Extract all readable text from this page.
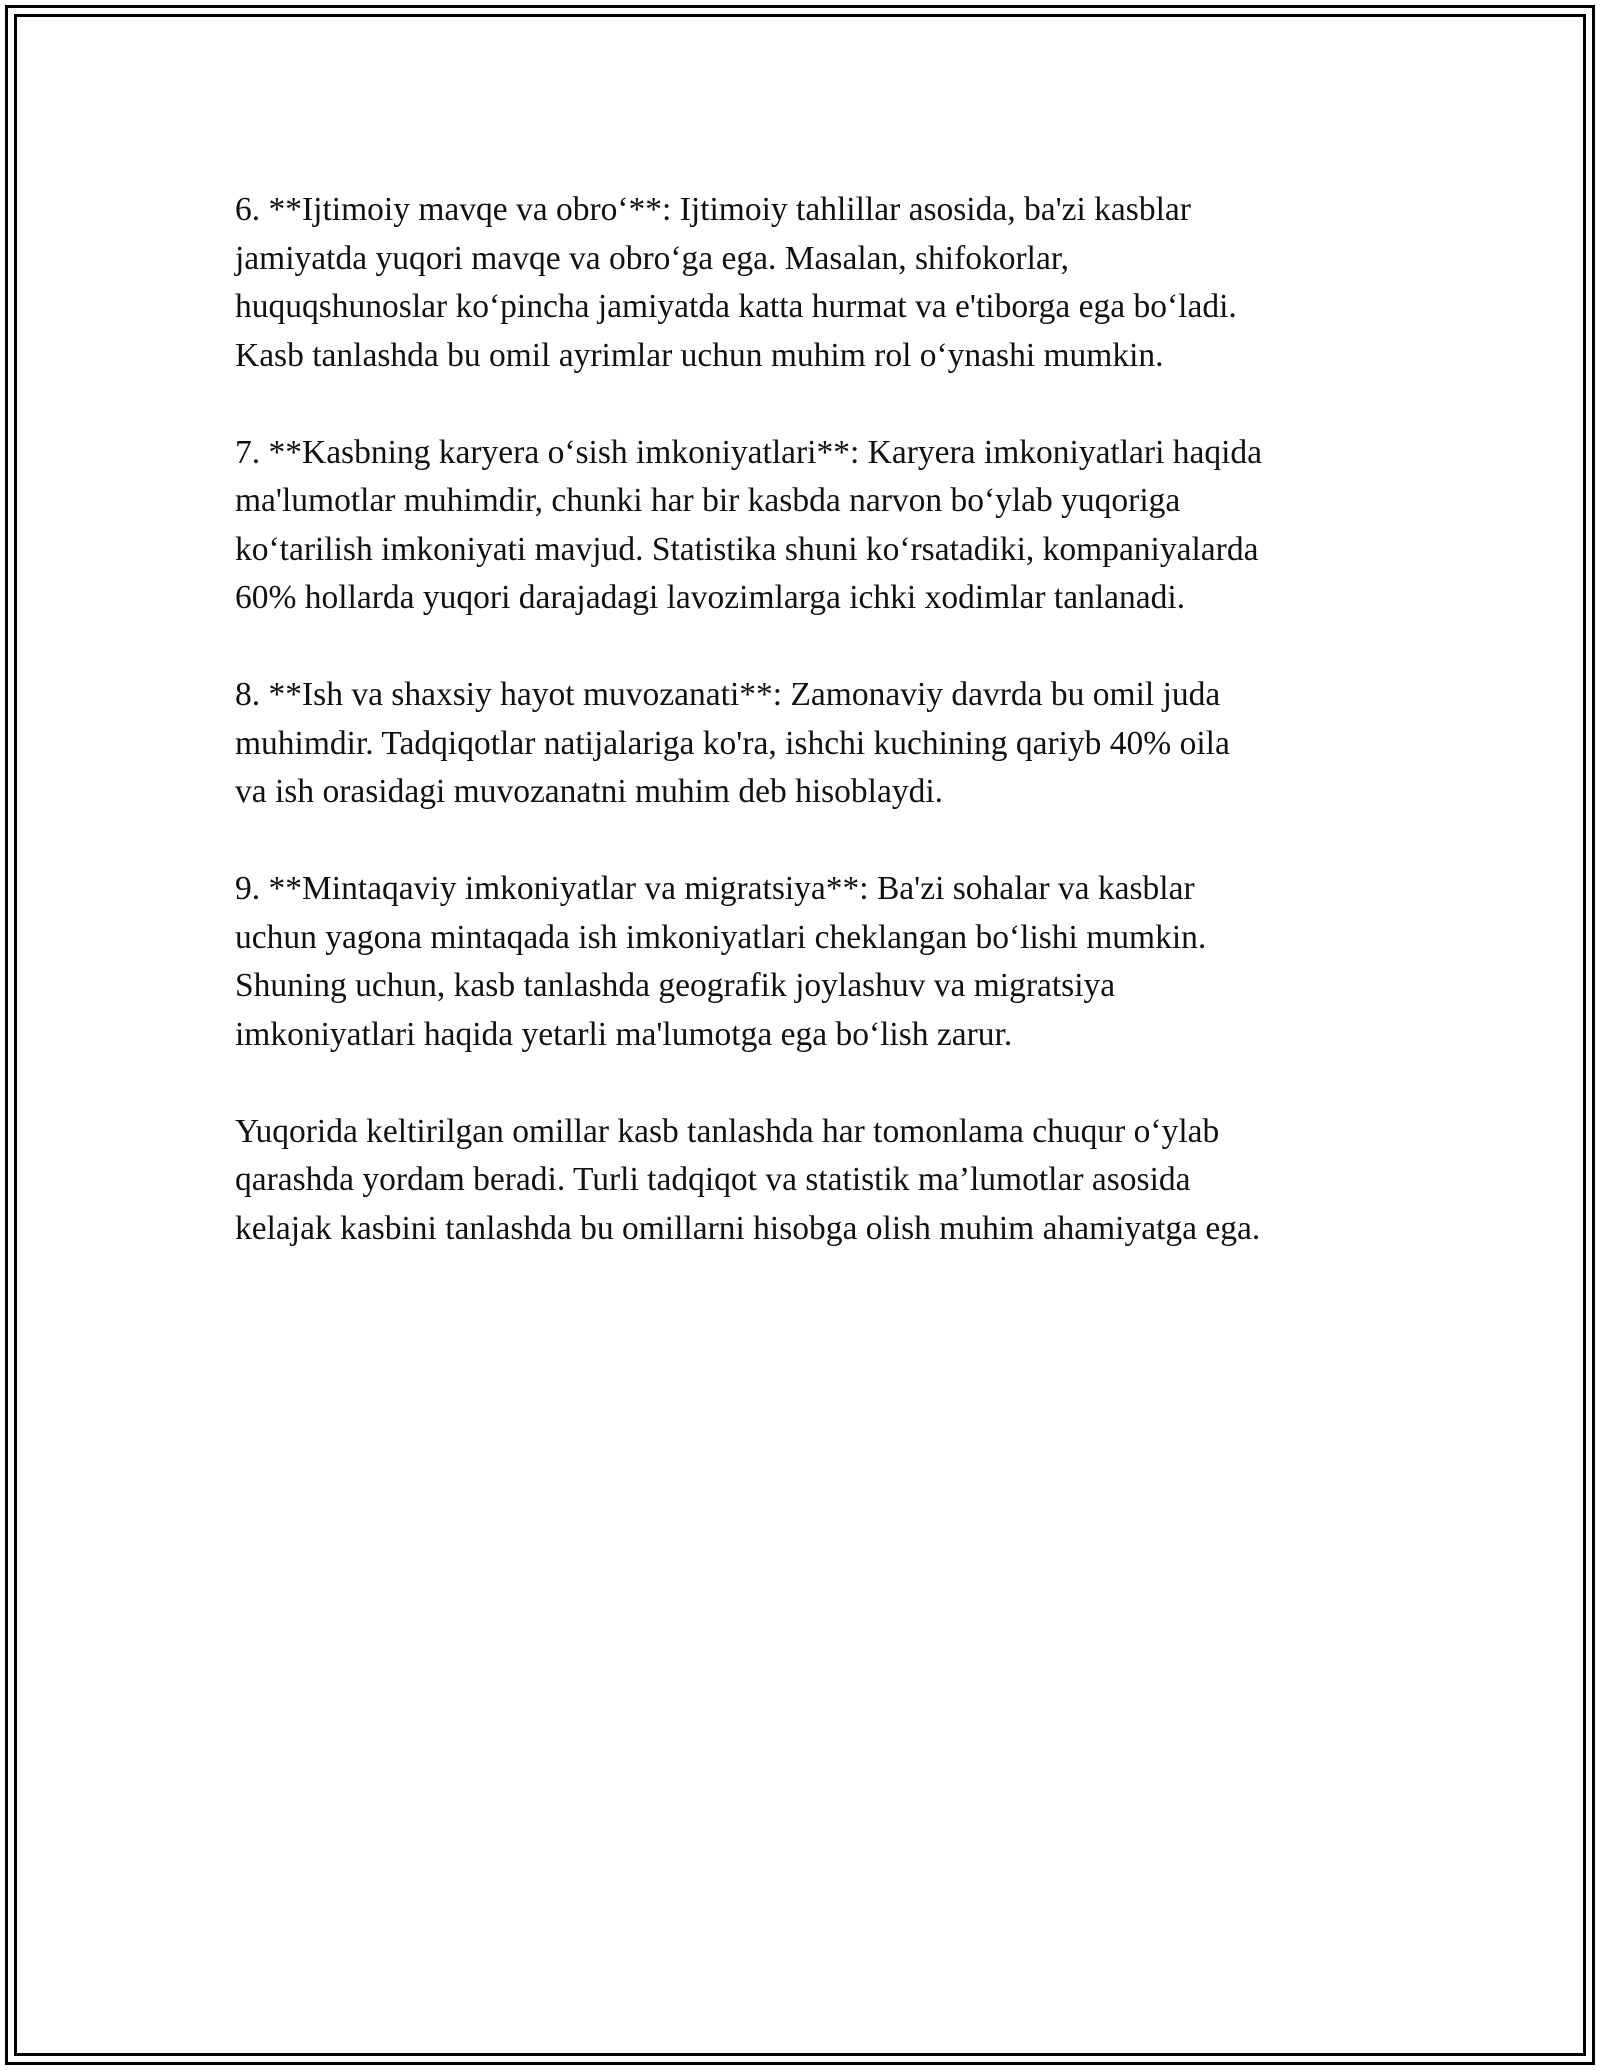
6. **Ijtimoiy mavqe va obro‘**: Ijtimoiy tahlillar asosida, ba'zi kasblar
jamiyatda yuqori mavqe va obro‘ga ega. Masalan, shifokorlar,
huquqshunoslar ko‘pincha jamiyatda katta hurmat va e'tiborga ega bo‘ladi.
Kasb tanlashda bu omil ayrimlar uchun muhim rol o‘ynashi mumkin.

7. **Kasbning karyera o‘sish imkoniyatlari**: Karyera imkoniyatlari haqida
ma'lumotlar muhimdir, chunki har bir kasbda narvon bo‘ylab yuqoriga
ko‘tarilish imkoniyati mavjud. Statistika shuni ko‘rsatadiki, kompaniyalarda
60% hollarda yuqori darajadagi lavozimlarga ichki xodimlar tanlanadi.

8. **Ish va shaxsiy hayot muvozanati**: Zamonaviy davrda bu omil juda
muhimdir. Tadqiqotlar natijalariga ko'ra, ishchi kuchining qariyb 40% oila
va ish orasidagi muvozanatni muhim deb hisoblaydi.

9. **Mintaqaviy imkoniyatlar va migratsiya**: Ba'zi sohalar va kasblar
uchun yagona mintaqada ish imkoniyatlari cheklangan bo‘lishi mumkin.
Shuning uchun, kasb tanlashda geografik joylashuv va migratsiya
imkoniyatlari haqida yetarli ma'lumotga ega bo‘lish zarur.

Yuqorida keltirilgan omillar kasb tanlashda har tomonlama chuqur o‘ylab
qarashda yordam beradi. Turli tadqiqot va statistik ma’lumotlar asosida
kelajak kasbini tanlashda bu omillarni hisobga olish muhim ahamiyatga ega.
